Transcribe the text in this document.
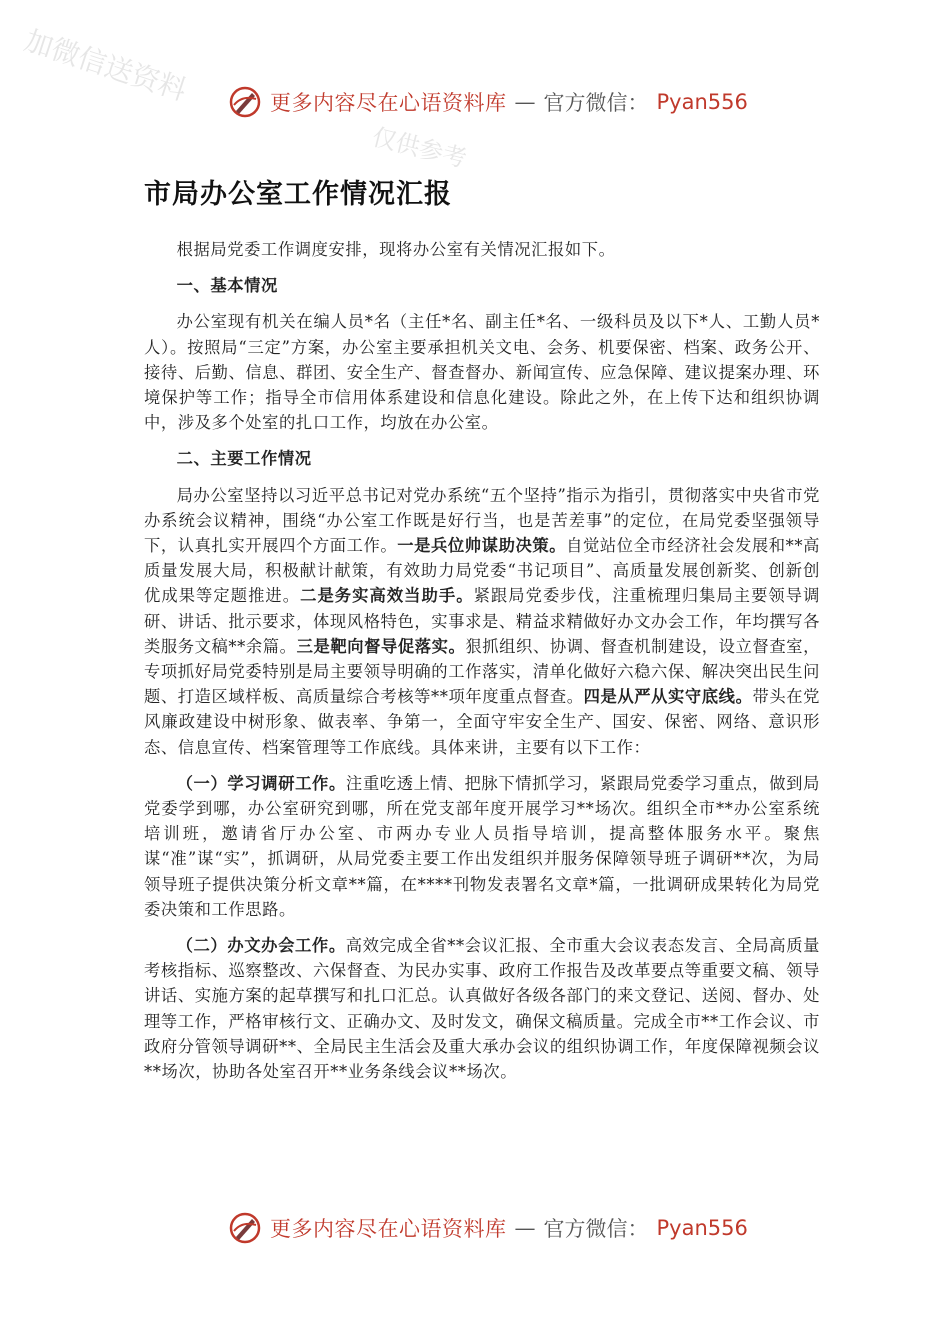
加微信送资料
仅供参考
更多内容尽在心语资料库 — 官方微信： Pyan556
市局办公室工作情况汇报

根据局党委工作调度安排，现将办公室有关情况汇报如下。

一、基本情况

办公室现有机关在编人员*名（主任*名、副主任*名、一级科员及以下*人、工勤人员*人）。按照局“三定”方案，办公室主要承担机关文电、会务、机要保密、档案、政务公开、接待、后勤、信息、群团、安全生产、督查督办、新闻宣传、应急保障、建议提案办理、环境保护等工作；指导全市信用体系建设和信息化建设。除此之外，在上传下达和组织协调中，涉及多个处室的扎口工作，均放在办公室。

二、主要工作情况

局办公室坚持以习近平总书记对党办系统“五个坚持”指示为指引，贯彻落实中央省市党办系统会议精神，围绕“办公室工作既是好行当，也是苦差事”的定位，在局党委坚强领导下，认真扎实开展四个方面工作。一是兵位帅谋助决策。自觉站位全市经济社会发展和**高质量发展大局，积极献计献策，有效助力局党委“书记项目”、高质量发展创新奖、创新创优成果等定题推进。二是务实高效当助手。紧跟局党委步伐，注重梳理归集局主要领导调研、讲话、批示要求，体现风格特色，实事求是、精益求精做好办文办会工作，年均撰写各类服务文稿**余篇。三是靶向督导促落实。狠抓组织、协调、督查机制建设，设立督查室，专项抓好局党委特别是局主要领导明确的工作落实，清单化做好六稳六保、解决突出民生问题、打造区域样板、高质量综合考核等**项年度重点督查。四是从严从实守底线。带头在党风廉政建设中树形象、做表率、争第一，全面守牢安全生产、国安、保密、网络、意识形态、信息宣传、档案管理等工作底线。具体来讲，主要有以下工作：

（一）学习调研工作。注重吃透上情、把脉下情抓学习，紧跟局党委学习重点，做到局党委学到哪，办公室研究到哪，所在党支部年度开展学习**场次。组织全市**办公室系统培训班，邀请省厅办公室、市两办专业人员指导培训，提高整体服务水平。聚焦谋“准”谋“实”，抓调研，从局党委主要工作出发组织并服务保障领导班子调研**次，为局领导班子提供决策分析文章**篇，在****刊物发表署名文章*篇，一批调研成果转化为局党委决策和工作思路。

（二）办文办会工作。高效完成全省**会议汇报、全市重大会议表态发言、全局高质量考核指标、巡察整改、六保督查、为民办实事、政府工作报告及改革要点等重要文稿、领导讲话、实施方案的起草撰写和扎口汇总。认真做好各级各部门的来文登记、送阅、督办、处理等工作，严格审核行文、正确办文、及时发文，确保文稿质量。完成全市**工作会议、市政府分管领导调研**、全局民主生活会及重大承办会议的组织协调工作，年度保障视频会议**场次，协助各处室召开**业务条线会议**场次。

更多内容尽在心语资料库 — 官方微信： Pyan556
